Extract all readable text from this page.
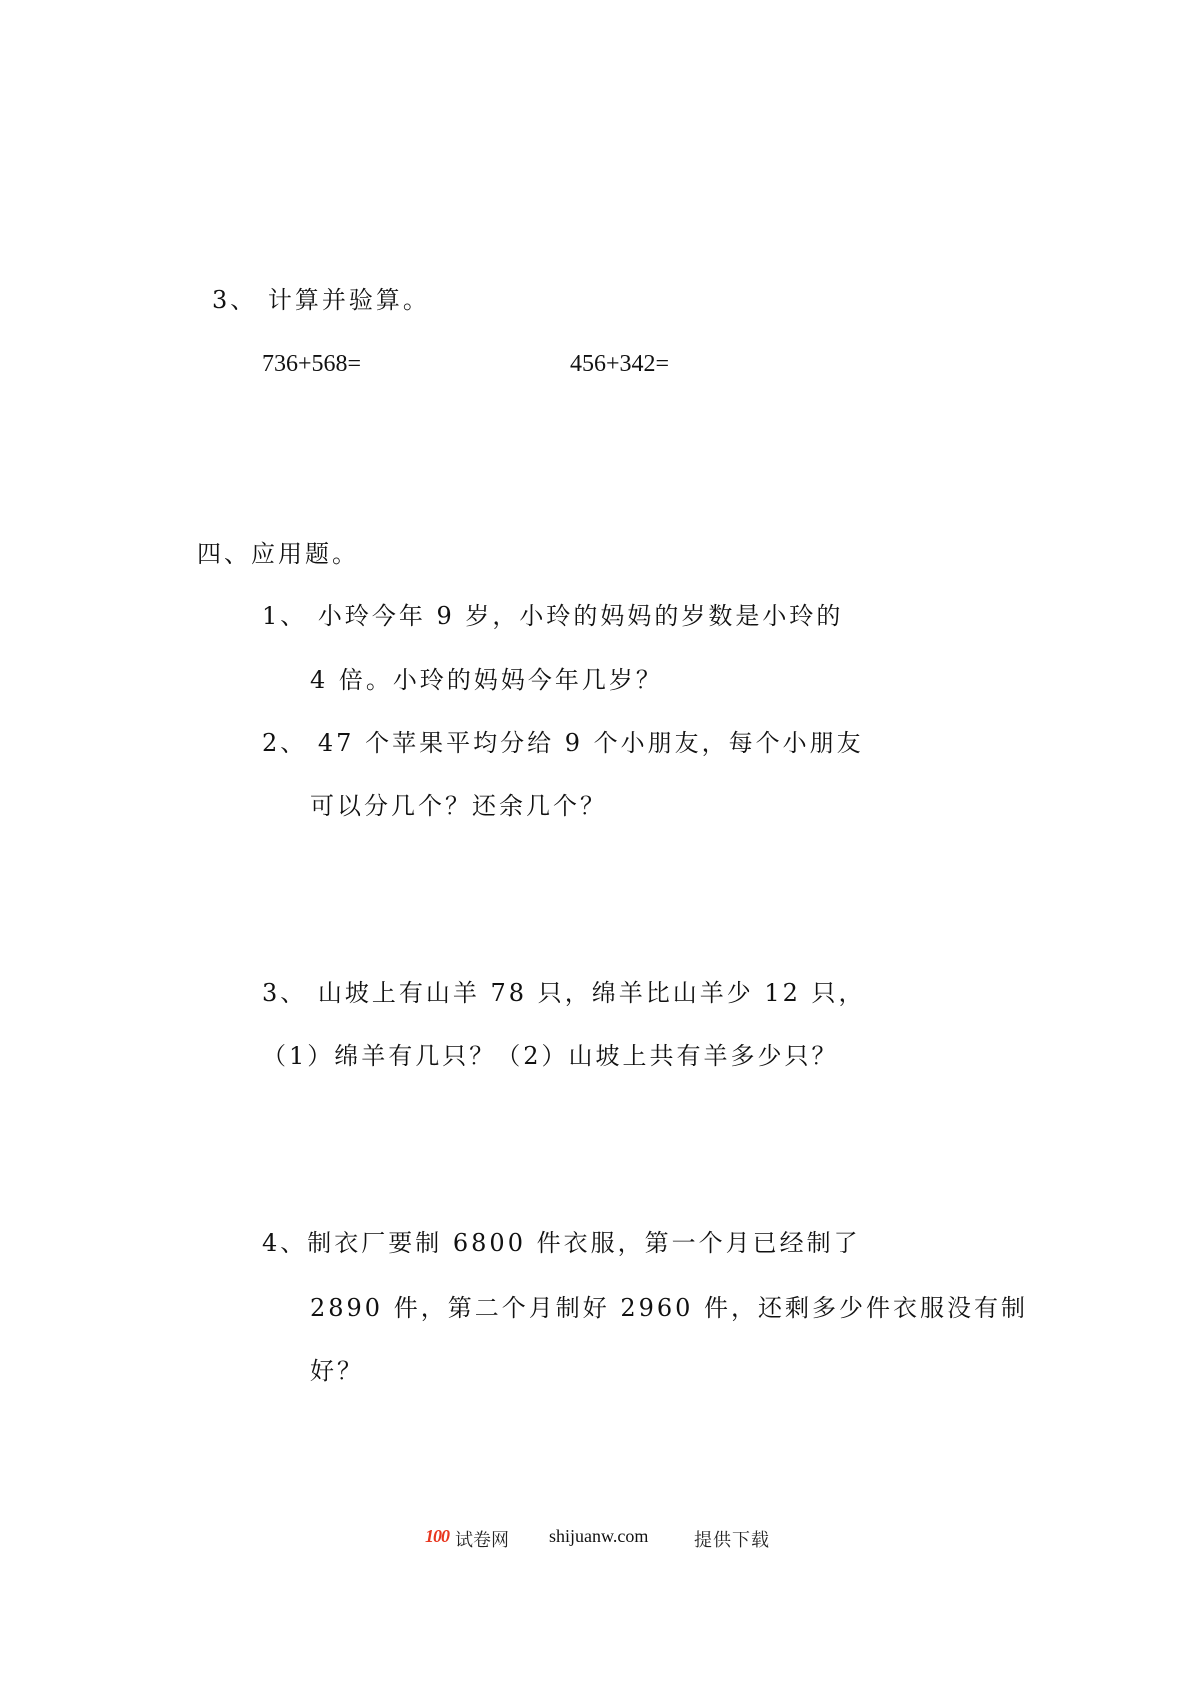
3、 计算并验算。
736+568=	456+342=
四、应用题。
1、 小玲今年 9 岁，小玲的妈妈的岁数是小玲的
4 倍。小玲的妈妈今年几岁？
2、 47 个苹果平均分给 9 个小朋友，每个小朋友
可以分几个？还余几个？
3、 山坡上有山羊 78 只，绵羊比山羊少 12 只，
（1）绵羊有几只？（2）山坡上共有羊多少只？
4、制衣厂要制 6800 件衣服，第一个月已经制了
2890 件，第二个月制好 2960 件，还剩多少件衣服没有制
好？
100 试卷网 shijuanw.com	提供下载
